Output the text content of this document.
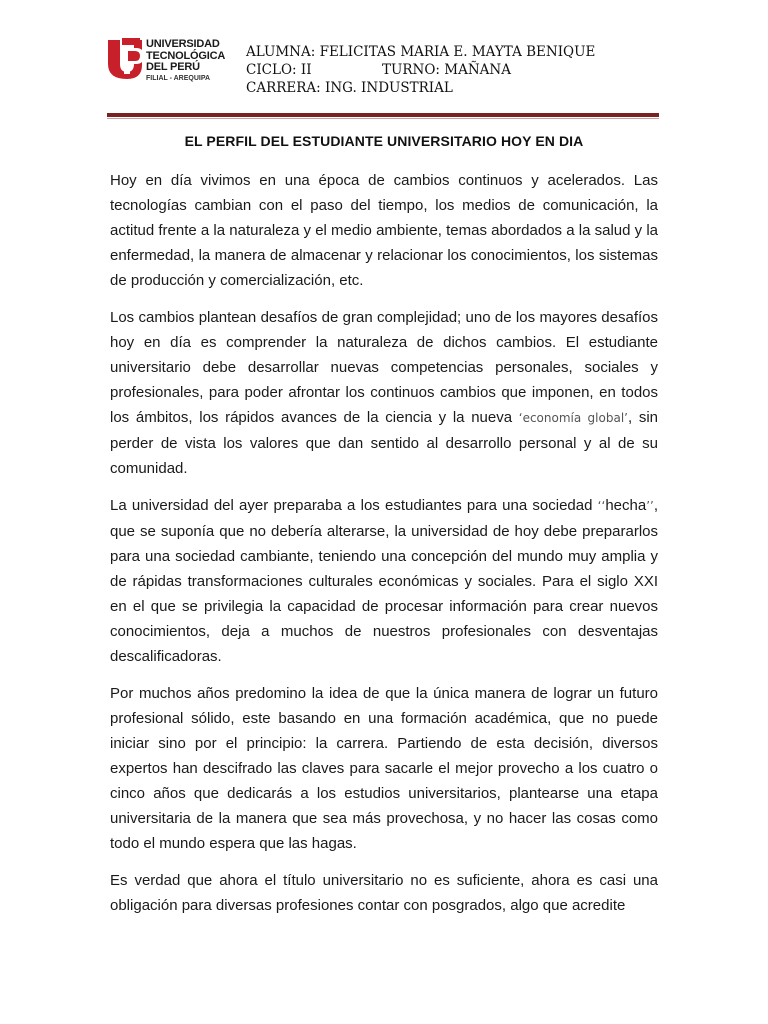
UNIVERSIDAD
TECNOLÓGICA
DEL PERÚ
FILIAL - AREQUIPA
ALUMNA: FELICITAS MARIA E. MAYTA BENIQUE
CICLO: II	TURNO: MAÑANA
CARRERA: ING. INDUSTRIAL
EL PERFIL DEL ESTUDIANTE UNIVERSITARIO HOY EN DIA

Hoy en día vivimos en una época de cambios continuos y acelerados. Las tecnologías cambian con el paso del tiempo, los medios de comunicación, la actitud frente a la naturaleza y el medio ambiente, temas abordados a la salud y la enfermedad, la manera de almacenar y relacionar los conocimientos, los sistemas de producción y comercialización, etc.

Los cambios plantean desafíos de gran complejidad; uno de los mayores desafíos hoy en día es comprender la naturaleza de dichos cambios. El estudiante universitario debe desarrollar nuevas competencias personales, sociales y profesionales, para poder afrontar los continuos cambios que imponen, en todos los ámbitos, los rápidos avances de la ciencia y la nueva ‘economía global’, sin perder de vista los valores que dan sentido al desarrollo personal y al de su comunidad.

La universidad del ayer preparaba a los estudiantes para una sociedad ‘‘hecha’’, que se suponía que no debería alterarse, la universidad de hoy debe prepararlos para una sociedad cambiante, teniendo una concepción del mundo muy amplia y de rápidas transformaciones culturales económicas y sociales. Para el siglo XXI en el que se privilegia la capacidad de procesar información para crear nuevos conocimientos, deja a muchos de nuestros profesionales con desventajas descalificadoras.

Por muchos años predomino la idea de que la única manera de lograr un futuro profesional sólido, este basando en una formación académica, que no puede iniciar sino por el principio: la carrera. Partiendo de esta decisión, diversos expertos han descifrado las claves para sacarle el mejor provecho a los cuatro o cinco años que dedicarás a los estudios universitarios, plantearse una etapa universitaria de la manera que sea más provechosa, y no hacer las cosas como todo el mundo espera que las hagas.

Es verdad que ahora el título universitario no es suficiente, ahora es casi una obligación para diversas profesiones contar con posgrados, algo que acredite
